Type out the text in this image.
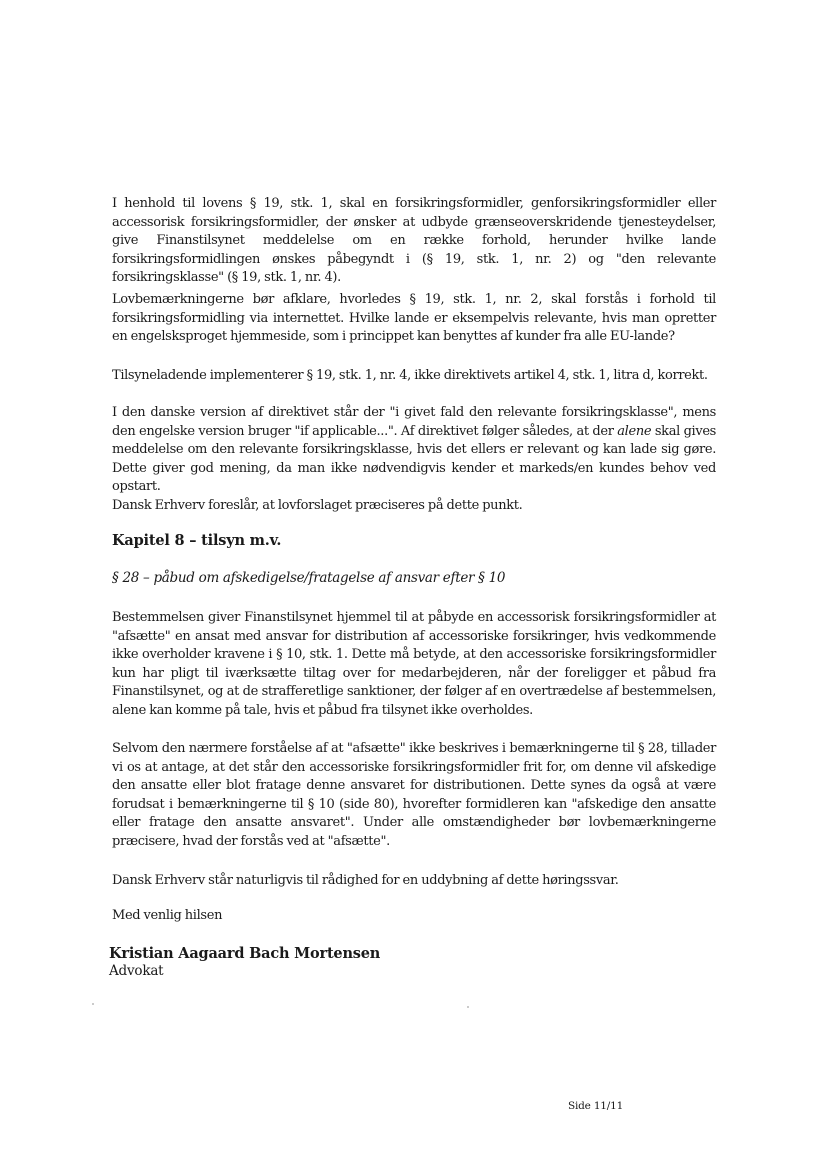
I henhold til lovens § 19, stk. 1, skal en forsikringsformidler, genforsikringsformidler eller accessorisk forsikringsformidler, der ønsker at udbyde grænseoverskridende tjenesteydelser, give Finanstilsynet meddelelse om en række forhold, herunder hvilke lande forsikringsformidlingen ønskes påbegyndt i (§ 19, stk. 1, nr. 2) og "den relevante forsikringsklasse" (§ 19, stk. 1, nr. 4).
Lovbemærkningerne bør afklare, hvorledes § 19, stk. 1, nr. 2, skal forstås i forhold til forsikringsformidling via internettet. Hvilke lande er eksempelvis relevante, hvis man opretter en engelsksproget hjemmeside, som i princippet kan benyttes af kunder fra alle EU-lande?
Tilsyneladende implementerer § 19, stk. 1, nr. 4, ikke direktivets artikel 4, stk. 1, litra d, korrekt.
I den danske version af direktivet står der "i givet fald den relevante forsikringsklasse", mens den engelske version bruger "if applicable...". Af direktivet følger således, at der alene skal gives meddelelse om den relevante forsikringsklasse, hvis det ellers er relevant og kan lade sig gøre. Dette giver god mening, da man ikke nødvendigvis kender et markeds/en kundes behov ved opstart.
Dansk Erhverv foreslår, at lovforslaget præciseres på dette punkt.
Kapitel 8 – tilsyn m.v.
§ 28 – påbud om afskedigelse/fratagelse af ansvar efter § 10
Bestemmelsen giver Finanstilsynet hjemmel til at påbyde en accessorisk forsikringsformidler at "afsætte" en ansat med ansvar for distribution af accessoriske forsikringer, hvis vedkommende ikke overholder kravene i § 10, stk. 1. Dette må betyde, at den accessoriske forsikringsformidler kun har pligt til iværksætte tiltag over for medarbejderen, når der foreligger et påbud fra Finanstilsynet, og at de strafferetlige sanktioner, der følger af en overtrædelse af bestemmelsen, alene kan komme på tale, hvis et påbud fra tilsynet ikke overholdes.
Selvom den nærmere forståelse af at "afsætte" ikke beskrives i bemærkningerne til § 28, tillader vi os at antage, at det står den accessoriske forsikringsformidler frit for, om denne vil afskedige den ansatte eller blot fratage denne ansvaret for distributionen. Dette synes da også at være forudsat i bemærkningerne til § 10 (side 80), hvorefter formidleren kan "afskedige den ansatte eller fratage den ansatte ansvaret". Under alle omstændigheder bør lovbemærkningerne præcisere, hvad der forstås ved at "afsætte".
Dansk Erhverv står naturligvis til rådighed for en uddybning af dette høringssvar.
Med venlig hilsen
Kristian Aagaard Bach Mortensen
Advokat
Side 11/11
